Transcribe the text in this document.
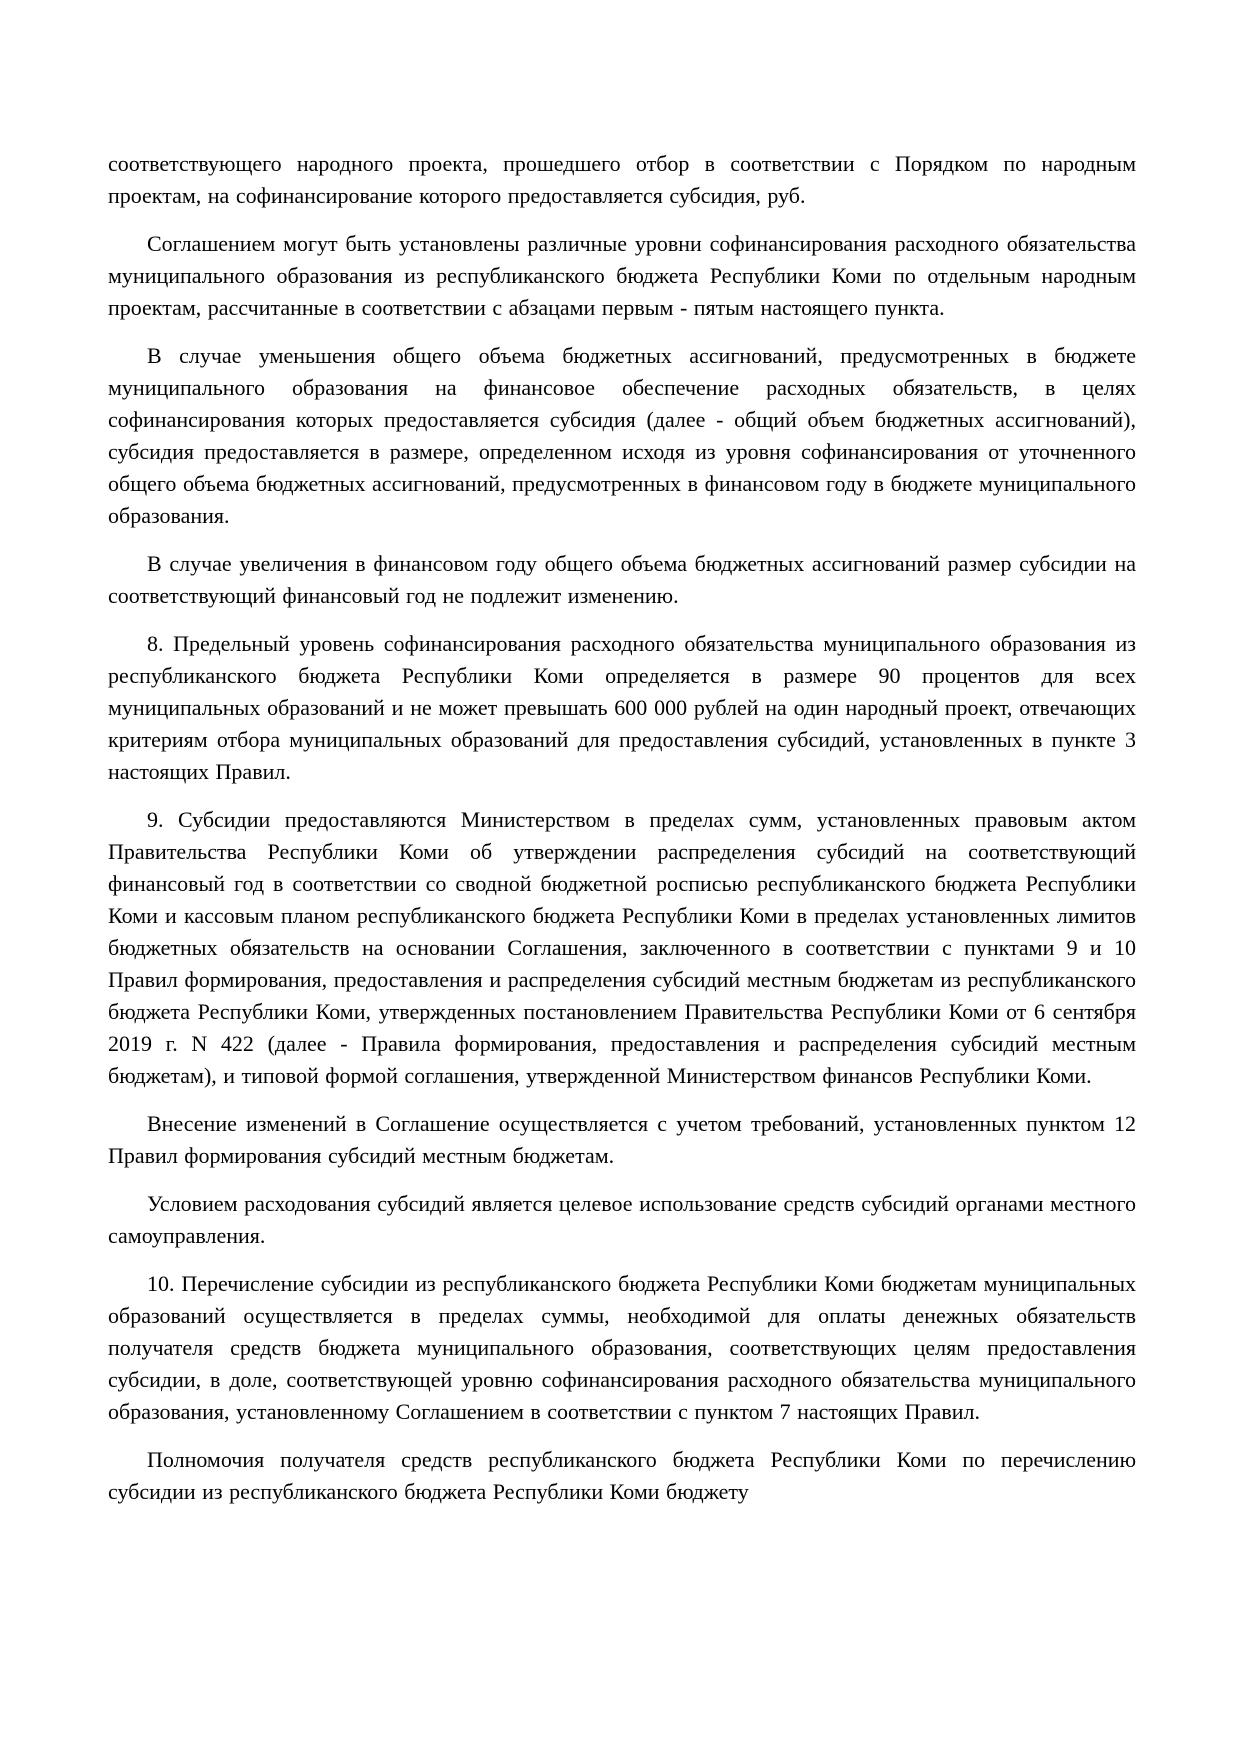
соответствующего народного проекта, прошедшего отбор в соответствии с Порядком по народным проектам, на софинансирование которого предоставляется субсидия, руб.

Соглашением могут быть установлены различные уровни софинансирования расходного обязательства муниципального образования из республиканского бюджета Республики Коми по отдельным народным проектам, рассчитанные в соответствии с абзацами первым - пятым настоящего пункта.

В случае уменьшения общего объема бюджетных ассигнований, предусмотренных в бюджете муниципального образования на финансовое обеспечение расходных обязательств, в целях софинансирования которых предоставляется субсидия (далее - общий объем бюджетных ассигнований), субсидия предоставляется в размере, определенном исходя из уровня софинансирования от уточненного общего объема бюджетных ассигнований, предусмотренных в финансовом году в бюджете муниципального образования.

В случае увеличения в финансовом году общего объема бюджетных ассигнований размер субсидии на соответствующий финансовый год не подлежит изменению.

8. Предельный уровень софинансирования расходного обязательства муниципального образования из республиканского бюджета Республики Коми определяется в размере 90 процентов для всех муниципальных образований и не может превышать 600 000 рублей на один народный проект, отвечающих критериям отбора муниципальных образований для предоставления субсидий, установленных в пункте 3 настоящих Правил.

9. Субсидии предоставляются Министерством в пределах сумм, установленных правовым актом Правительства Республики Коми об утверждении распределения субсидий на соответствующий финансовый год в соответствии со сводной бюджетной росписью республиканского бюджета Республики Коми и кассовым планом республиканского бюджета Республики Коми в пределах установленных лимитов бюджетных обязательств на основании Соглашения, заключенного в соответствии с пунктами 9 и 10 Правил формирования, предоставления и распределения субсидий местным бюджетам из республиканского бюджета Республики Коми, утвержденных постановлением Правительства Республики Коми от 6 сентября 2019 г. N 422 (далее - Правила формирования, предоставления и распределения субсидий местным бюджетам), и типовой формой соглашения, утвержденной Министерством финансов Республики Коми.

Внесение изменений в Соглашение осуществляется с учетом требований, установленных пунктом 12 Правил формирования субсидий местным бюджетам.

Условием расходования субсидий является целевое использование средств субсидий органами местного самоуправления.

10. Перечисление субсидии из республиканского бюджета Республики Коми бюджетам муниципальных образований осуществляется в пределах суммы, необходимой для оплаты денежных обязательств получателя средств бюджета муниципального образования, соответствующих целям предоставления субсидии, в доле, соответствующей уровню софинансирования расходного обязательства муниципального образования, установленному Соглашением в соответствии с пунктом 7 настоящих Правил.

Полномочия получателя средств республиканского бюджета Республики Коми по перечислению субсидии из республиканского бюджета Республики Коми бюджету
